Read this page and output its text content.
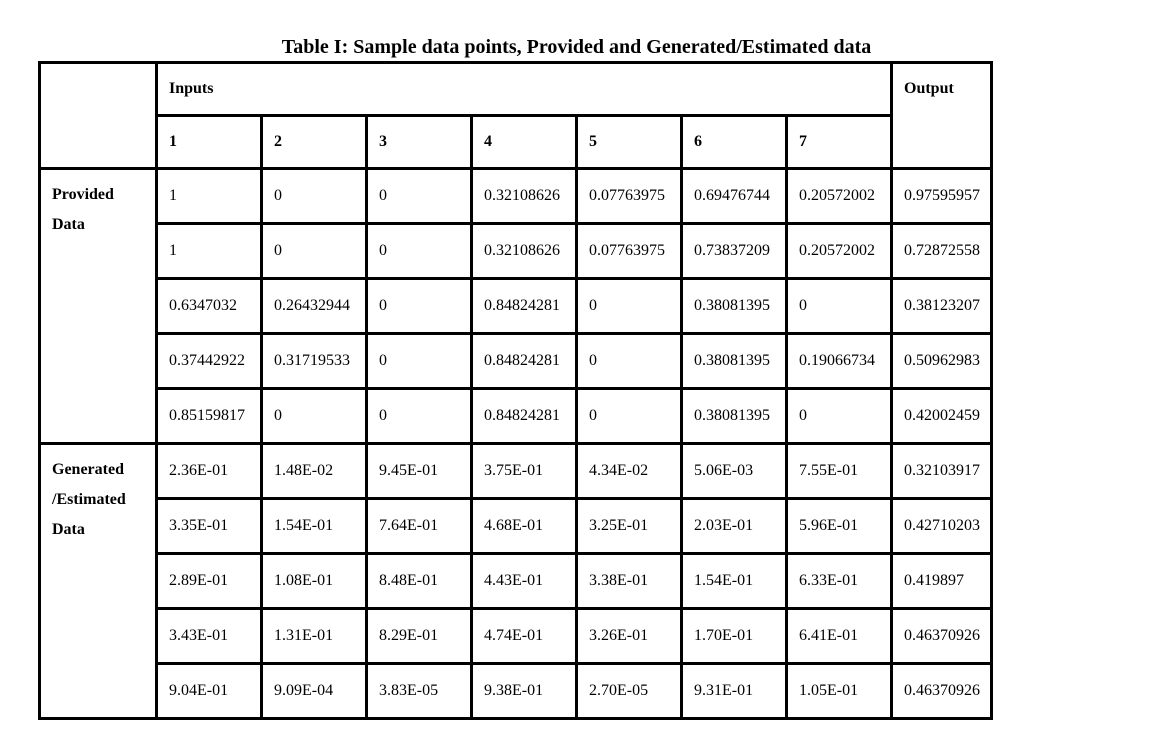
Table I: Sample data points, Provided and Generated/Estimated data
	Inputs							Output
	1	2	3	4	5	6	7	

Provided
Data	1	0	0	0.32108626	0.07763975	0.69476744	0.20572002	0.97595957
	1	0	0	0.32108626	0.07763975	0.73837209	0.20572002	0.72872558
	0.6347032	0.26432944	0	0.84824281	0	0.38081395	0	0.38123207
	0.37442922	0.31719533	0	0.84824281	0	0.38081395	0.19066734	0.50962983
	0.85159817	0	0	0.84824281	0	0.38081395	0	0.42002459

Generated
/Estimated
Data	2.36E-01	1.48E-02	9.45E-01	3.75E-01	4.34E-02	5.06E-03	7.55E-01	0.32103917
	3.35E-01	1.54E-01	7.64E-01	4.68E-01	3.25E-01	2.03E-01	5.96E-01	0.42710203
	2.89E-01	1.08E-01	8.48E-01	4.43E-01	3.38E-01	1.54E-01	6.33E-01	0.419897
	3.43E-01	1.31E-01	8.29E-01	4.74E-01	3.26E-01	1.70E-01	6.41E-01	0.46370926
	9.04E-01	9.09E-04	3.83E-05	9.38E-01	2.70E-05	9.31E-01	1.05E-01	0.46370926
